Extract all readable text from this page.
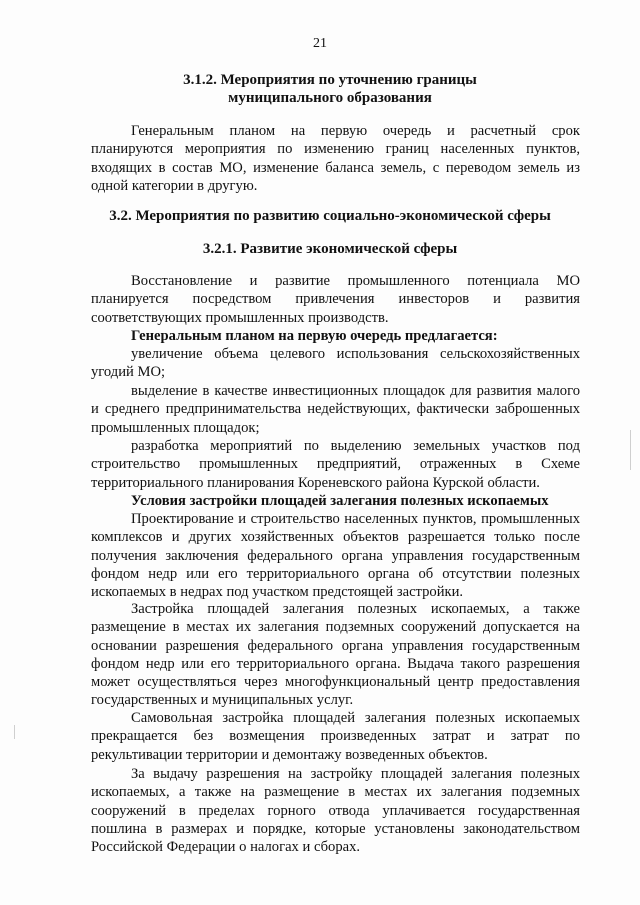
21
3.1.2. Мероприятия по уточнению границы муниципального образования
Генеральным планом на первую очередь и расчетный срок планируются мероприятия по изменению границ населенных пунктов, входящих в состав МО, изменение баланса земель, с переводом земель из одной категории в другую.
3.2. Мероприятия по развитию социально-экономической сферы
3.2.1. Развитие экономической сферы
Восстановление и развитие промышленного потенциала МО планируется посредством привлечения инвесторов и развития соответствующих промышленных производств.
Генеральным планом на первую очередь предлагается:
увеличение объема целевого использования сельскохозяйственных угодий МО;
выделение в качестве инвестиционных площадок для развития малого и среднего предпринимательства недействующих, фактически заброшенных промышленных площадок;
разработка мероприятий по выделению земельных участков под строительство промышленных предприятий, отраженных в Схеме территориального планирования Кореневского района Курской области.
Условия застройки площадей залегания полезных ископаемых
Проектирование и строительство населенных пунктов, промышленных комплексов и других хозяйственных объектов разрешается только после получения заключения федерального органа управления государственным фондом недр или его территориального органа об отсутствии полезных ископаемых в недрах под участком предстоящей застройки.
Застройка площадей залегания полезных ископаемых, а также размещение в местах их залегания подземных сооружений допускается на основании разрешения федерального органа управления государственным фондом недр или его территориального органа. Выдача такого разрешения может осуществляться через многофункциональный центр предоставления государственных и муниципальных услуг.
Самовольная застройка площадей залегания полезных ископаемых прекращается без возмещения произведенных затрат и затрат по рекультивации территории и демонтажу возведенных объектов.
За выдачу разрешения на застройку площадей залегания полезных ископаемых, а также на размещение в местах их залегания подземных сооружений в пределах горного отвода уплачивается государственная пошлина в размерах и порядке, которые установлены законодательством Российской Федерации о налогах и сборах.
